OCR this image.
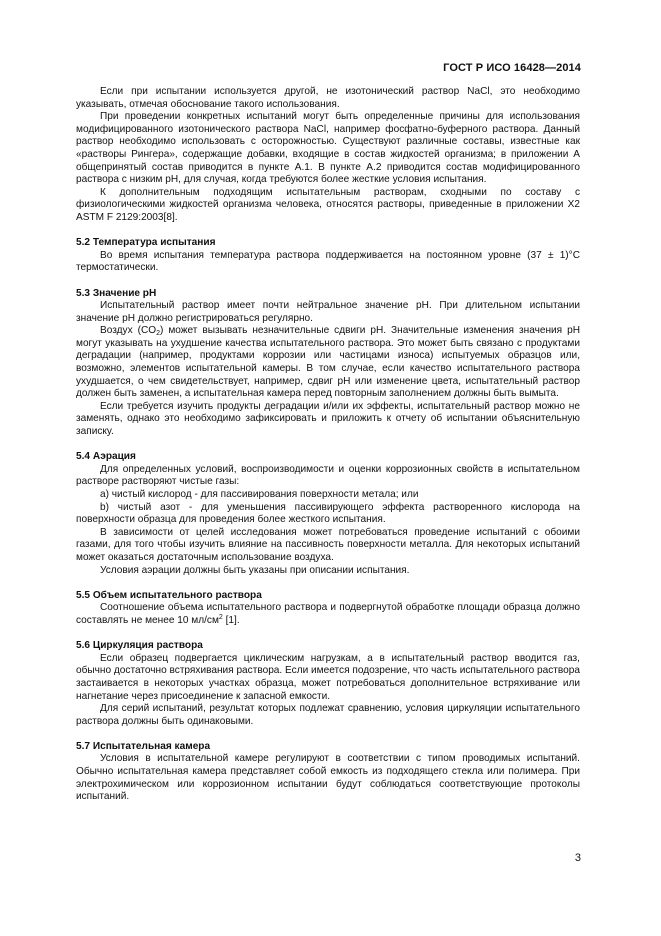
ГОСТ Р ИСО 16428—2014

Если при испытании используется другой, не изотонический раствор NaCl, это необходимо указывать, отмечая обоснование такого использования.

При проведении конкретных испытаний могут быть определенные причины для использования модифицированного изотонического раствора NaCl, например фосфатно-буферного раствора. Данный раствор необходимо использовать с осторожностью. Существуют различные составы, известные как «растворы Рингера», содержащие добавки, входящие в состав жидкостей организма; в приложении А общепринятый состав приводится в пункте А.1. В пункте А.2 приводится состав модифицированного раствора с низким pH, для случая, когда требуются более жесткие условия испытания.

К дополнительным подходящим испытательным растворам, сходными по составу с физиологическими жидкостей организма человека, относятся растворы, приведенные в приложении X2 ASTM F 2129:2003[8].

5.2 Температура испытания

Во время испытания температура раствора поддерживается на постоянном уровне (37 ± 1)°С термостатически.

5.3 Значение pH

Испытательный раствор имеет почти нейтральное значение pH. При длительном испытании значение pH должно регистрироваться регулярно.

Воздух $(CO_2)$ может вызывать незначительные сдвиги pH. Значительные изменения значения pH могут указывать на ухудшение качества испытательного раствора. Это может быть связано с продуктами деградации (например, продуктами коррозии или частицами износа) испытуемых образцов или, возможно, элементов испытательной камеры. В том случае, если качество испытательного раствора ухудшается, о чем свидетельствует, например, сдвиг pH или изменение цвета, испытательный раствор должен быть заменен, а испытательная камера перед повторным заполнением должны быть вымыта.

Если требуется изучить продукты деградации и/или их эффекты, испытательный раствор можно не заменять, однако это необходимо зафиксировать и приложить к отчету об испытании объяснительную записку.

5.4 Аэрация

Для определенных условий, воспроизводимости и оценки коррозионных свойств в испытательном растворе растворяют чистые газы:

а) чистый кислород - для пассивирования поверхности метала; или

b) чистый азот - для уменьшения пассивирующего эффекта растворенного кислорода на поверхности образца для проведения более жесткого испытания.

В зависимости от целей исследования может потребоваться проведение испытаний с обоими газами, для того чтобы изучить влияние на пассивность поверхности металла. Для некоторых испытаний может оказаться достаточным использование воздуха.

Условия аэрации должны быть указаны при описании испытания.

5.5 Объем испытательного раствора

Соотношение объема испытательного раствора и подвергнутой обработке площади образца должно составлять не менее 10 $мл/см^2$ [1].

5.6 Циркуляция раствора

Если образец подвергается циклическим нагрузкам, а в испытательный раствор вводится газ, обычно достаточно встряхивания раствора. Если имеется подозрение, что часть испытательного раствора застаивается в некоторых участках образца, может потребоваться дополнительное встряхивание или нагнетание через присоединение к запасной емкости.

Для серий испытаний, результат которых подлежат сравнению, условия циркуляции испытательного раствора должны быть одинаковыми.

5.7 Испытательная камера

Условия в испытательной камере регулируют в соответствии с типом проводимых испытаний. Обычно испытательная камера представляет собой емкость из подходящего стекла или полимера. При электрохимическом или коррозионном испытании будут соблюдаться соответствующие протоколы испытаний.

3
